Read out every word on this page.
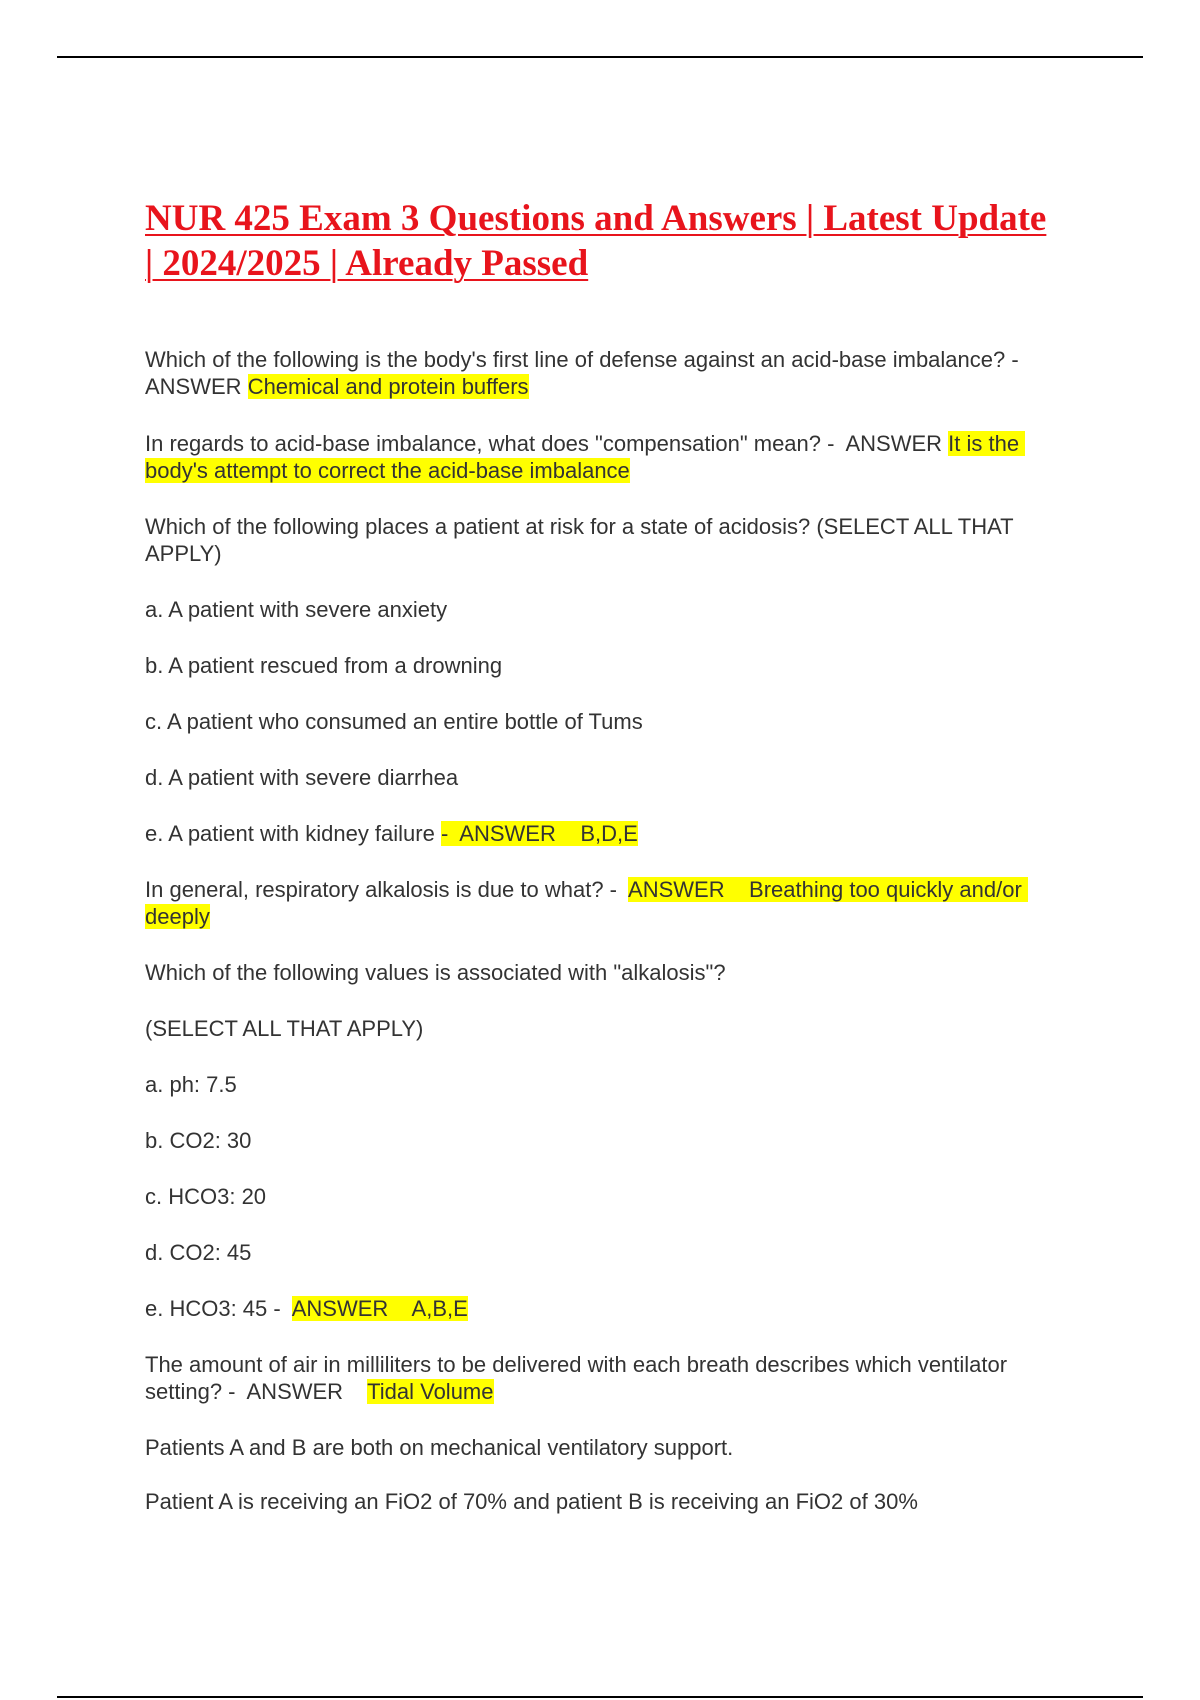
NUR 425 Exam 3 Questions and Answers | Latest Update
| 2024/2025 | Already Passed

Which of the following is the body's first line of defense against an acid-base imbalance? -  ANSWER Chemical and protein buffers

In regards to acid-base imbalance, what does "compensation" mean? -  ANSWER It is the body's attempt to correct the acid-base imbalance

Which of the following places a patient at risk for a state of acidosis? (SELECT ALL THAT APPLY)

a. A patient with severe anxiety

b. A patient rescued from a drowning

c. A patient who consumed an entire bottle of Tums

d. A patient with severe diarrhea

e. A patient with kidney failure -  ANSWER    B,D,E

In general, respiratory alkalosis is due to what? -  ANSWER    Breathing too quickly and/or deeply

Which of the following values is associated with "alkalosis"?

(SELECT ALL THAT APPLY)

a. ph: 7.5

b. CO2: 30

c. HCO3: 20

d. CO2: 45

e. HCO3: 45 -  ANSWER    A,B,E

The amount of air in milliliters to be delivered with each breath describes which ventilator setting? -  ANSWER    Tidal Volume

Patients A and B are both on mechanical ventilatory support.

Patient A is receiving an FiO2 of 70% and patient B is receiving an FiO2 of 30%
